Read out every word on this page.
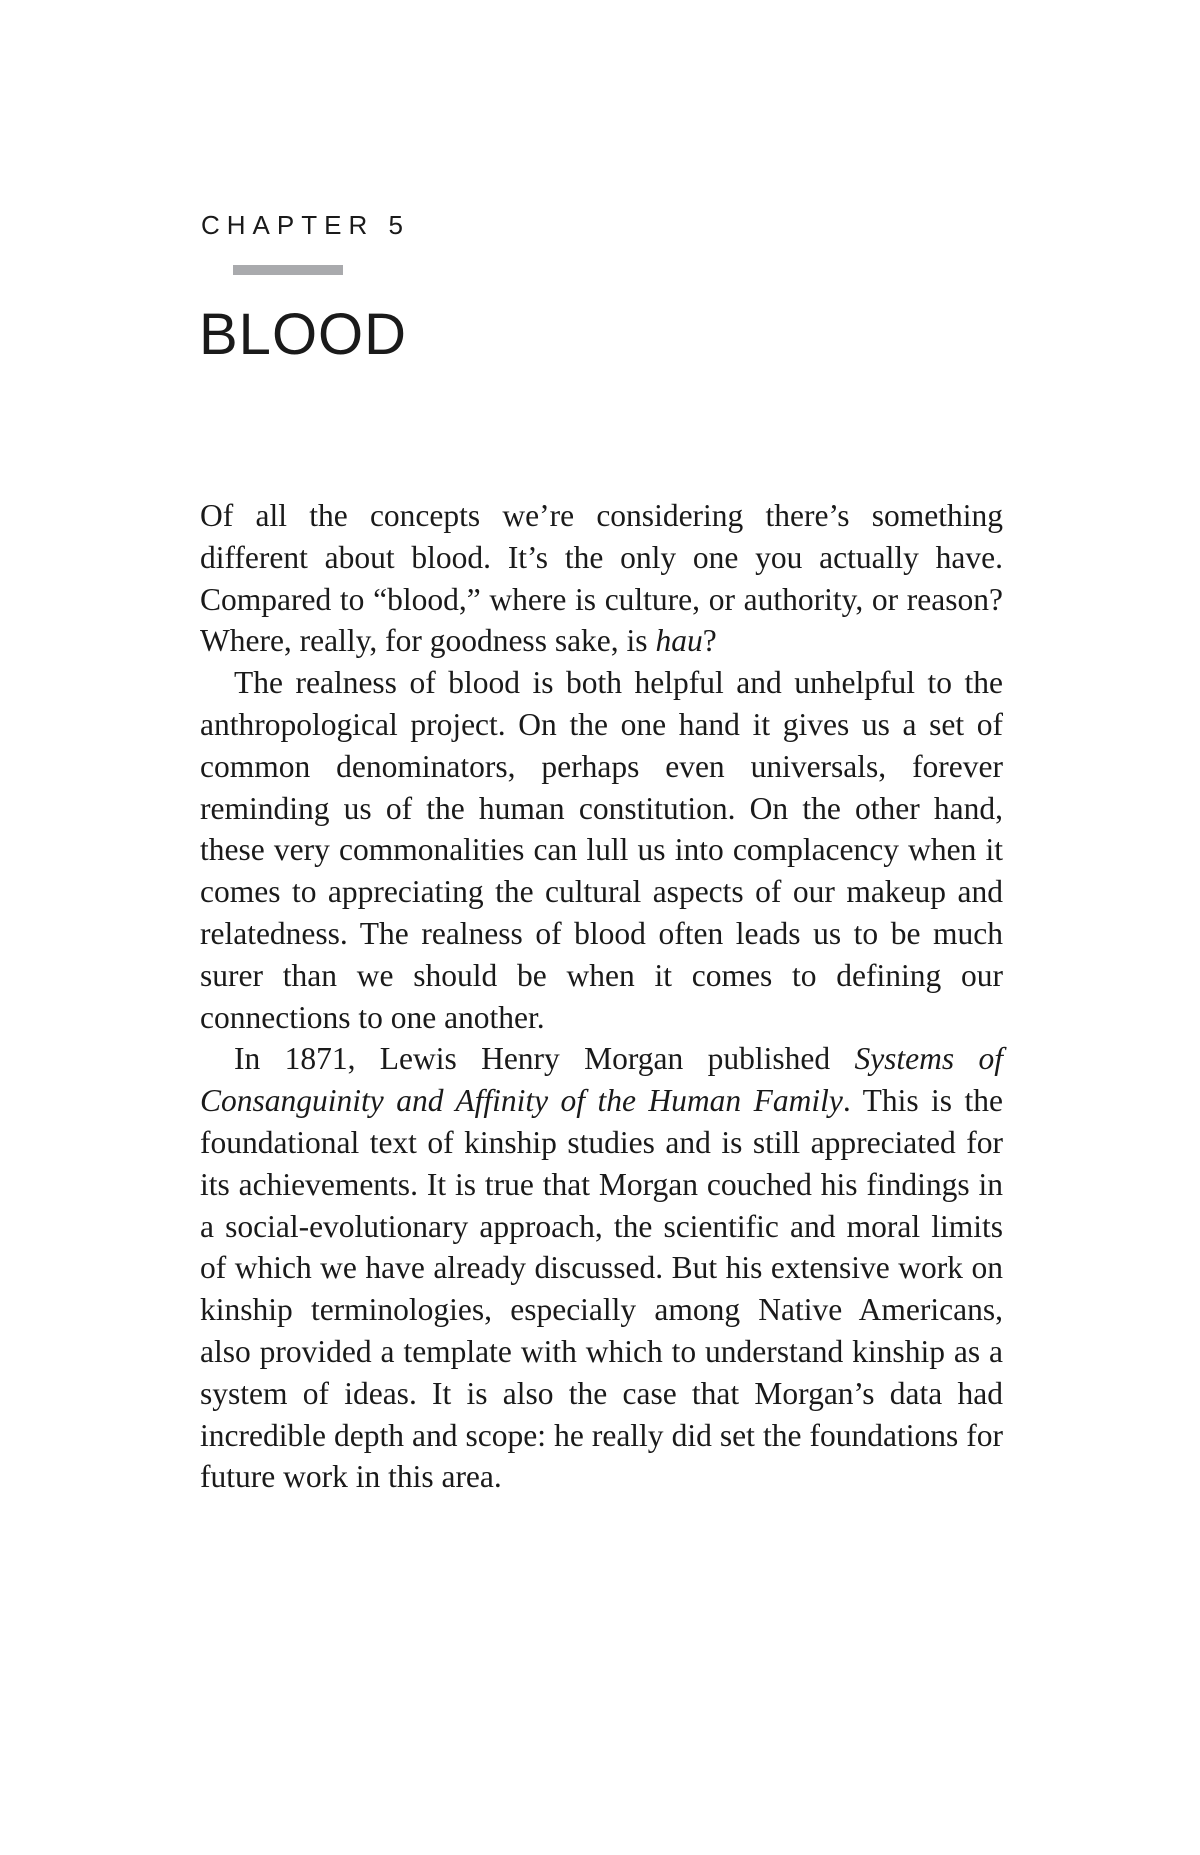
CHAPTER 5
BLOOD

Of all the concepts we’re considering there’s something different about blood. It’s the only one you actually have. Compared to “blood,” where is culture, or authority, or reason? Where, really, for goodness sake, is hau?

The realness of blood is both helpful and unhelpful to the anthropological project. On the one hand it gives us a set of common denominators, perhaps even universals, forever reminding us of the human constitution. On the other hand, these very commonalities can lull us into complacency when it comes to appreciating the cultural aspects of our makeup and relatedness. The realness of blood often leads us to be much surer than we should be when it comes to defining our connections to one another.

In 1871, Lewis Henry Morgan published Systems of Consanguinity and Affinity of the Human Family. This is the foundational text of kinship studies and is still appreciated for its achievements. It is true that Morgan couched his findings in a social-evolutionary approach, the scientific and moral limits of which we have already discussed. But his extensive work on kinship terminologies, especially among Native Americans, also provided a template with which to understand kinship as a system of ideas. It is also the case that Morgan’s data had incredible depth and scope: he really did set the foundations for future work in this area.
